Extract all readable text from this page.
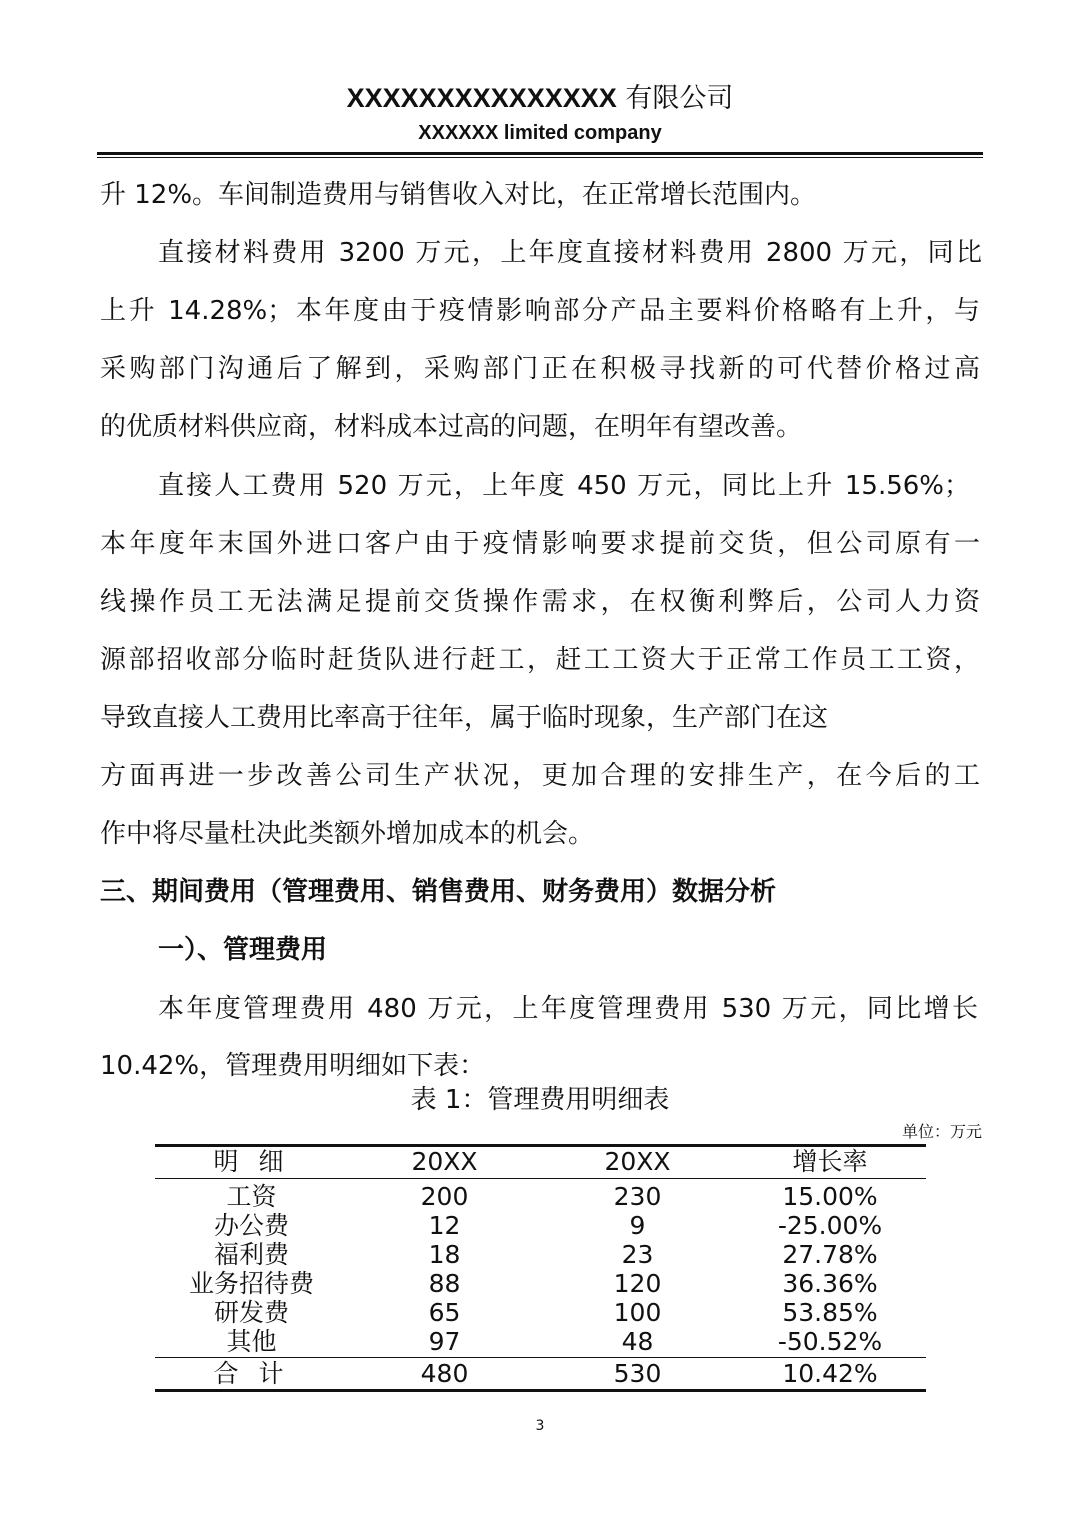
XXXXXXXXXXXXXXX 有限公司
XXXXXX limited company
升 12%。车间制造费用与销售收入对比，在正常增长范围内。
直接材料费用 3200 万元，上年度直接材料费用 2800 万元，同比
上升 14.28%；本年度由于疫情影响部分产品主要料价格略有上升，与
采购部门沟通后了解到，采购部门正在积极寻找新的可代替价格过高
的优质材料供应商，材料成本过高的问题，在明年有望改善。
直接人工费用 520 万元，上年度 450 万元，同比上升 15.56%；
本年度年末国外进口客户由于疫情影响要求提前交货，但公司原有一
线操作员工无法满足提前交货操作需求，在权衡利弊后，公司人力资
源部招收部分临时赶货队进行赶工，赶工工资大于正常工作员工工资，
导致直接人工费用比率高于往年，属于临时现象，生产部门在这
方面再进一步改善公司生产状况，更加合理的安排生产，在今后的工
作中将尽量杜决此类额外增加成本的机会。
三、期间费用（管理费用、销售费用、财务费用）数据分析
一）、管理费用
本年度管理费用 480 万元，上年度管理费用 530 万元，同比增长
10.42%，管理费用明细如下表：
表 1：管理费用明细表
单位：万元
明 细	20XX	20XX	增长率
工资	200	230	15.00%
办公费	12	9	-25.00%
福利费	18	23	27.78%
业务招待费	88	120	36.36%
研发费	65	100	53.85%
其他	97	48	-50.52%
合 计	480	530	10.42%
3
